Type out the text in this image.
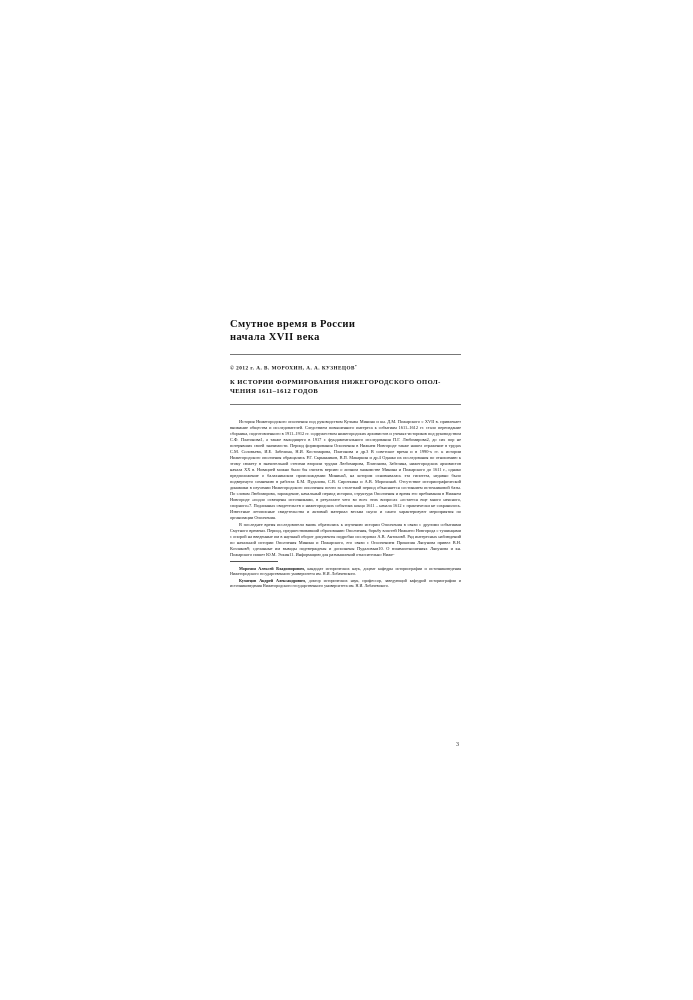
Смутное время в России
начала XVII века
© 2012 г. А. В. МОРОХИН, А. А. КУЗНЕЦОВ*
К ИСТОРИИ ФОРМИРОВАНИЯ НИЖЕГОРОДСКОГО ОПОЛ-
ЧЕНИЯ 1611–1612 ГОДОВ

История Нижегородского ополчения под руководством Кузьмы Минина и кн. Д.М. Пожарского с XVII в. привлекает внимание общества и исследователей. Следствием повышенного интереса к событиям 1611–1612 гг. стало переиздание сборника, подготовленного в 1911–1912 гг. содружеством нижегородских архивистов и ученых-историков под руководством С.Ф. Платонова1, а также выходящего в 1917 г. фундаментального исследования П.Г. Любомирова2, до сих пор не потерявших своей значимости. Период формирования Ополчения в Нижнем Новгороде также нашел отражение в трудах С.М. Соловьева, И.Е. Забелина, Н.И. Костомарова, Платонова и др.3 В советское время и в 1990-х гг. к истории Нижегородского ополчения обращались Р.Г. Скрынников, В.П. Макаркин и др.4 Однако их исследования по отношению к этому сюжету в значительной степени вторили трудам Любомирова, Платонова, Забелина, нижегородских архивистов начала XX в. Новацией можно было бы считать версию о личном знакомстве Минина и Пожарского до 1611 г., однако предположение о балахнинском происхождении Минина5, на котором основывалась эта гипотеза, недавно было подвергнуто сомнению в работах Б.М. Пудалова, С.В. Сироткина и А.В. Морохина6. Отсутствие историографической динамики в изучении Нижегородского ополчения почти за столетний период объясняется состоянием источниковой базы. По словам Любомирова, зарождение, начальный период истории, структура Ополчения и время его пребывания в Нижнем Новгороде «подло освещены источниками, в результате чего во всех этих вопросах «остается еще много неясного, спорного»7. Подлинных свидетельств о нижегородских событиях конца 1611 – начала 1612 г. практически не сохранилось. Известные летописные свидетельства и актовый материал весьма скупо и сжато характеризуют мероприятия по организации Ополчения.

В последнее время исследователи вновь обратились к изучению истории Ополчения в связи с другими событиями Смутного времени. Период, предшествовавший образованию Ополчения, борьбу властей Нижнего Новгорода с тушинцами с опорой на введенные им в научный оборот документы подробно исследовал А.В. Антонов8. Ряд интересных наблюдений по начальной истории Ополчения Минина и Пожарского, его связи с Ополчением Прокопия Ляпунова привел В.Н. Козляков9; сделанные им выводы подтверждены и дополнены Пудаловым10. О взаимоотношениях Ляпунова и кн. Пожарского пишет Ю.М. Эскин11. Информацию для размышлений относительно Ниже-

Морохин Алексей Владимирович, кандидат исторических наук, доцент кафедры историографии и источниковедения Нижегородского государственного университета им. Н.И. Лобачевского.

Кузнецов Андрей Александрович, доктор исторических наук, профессор, заведующий кафедрой историографии и источниковедения Нижегородского государственного университета им. Н.И. Лобачевского.

3
